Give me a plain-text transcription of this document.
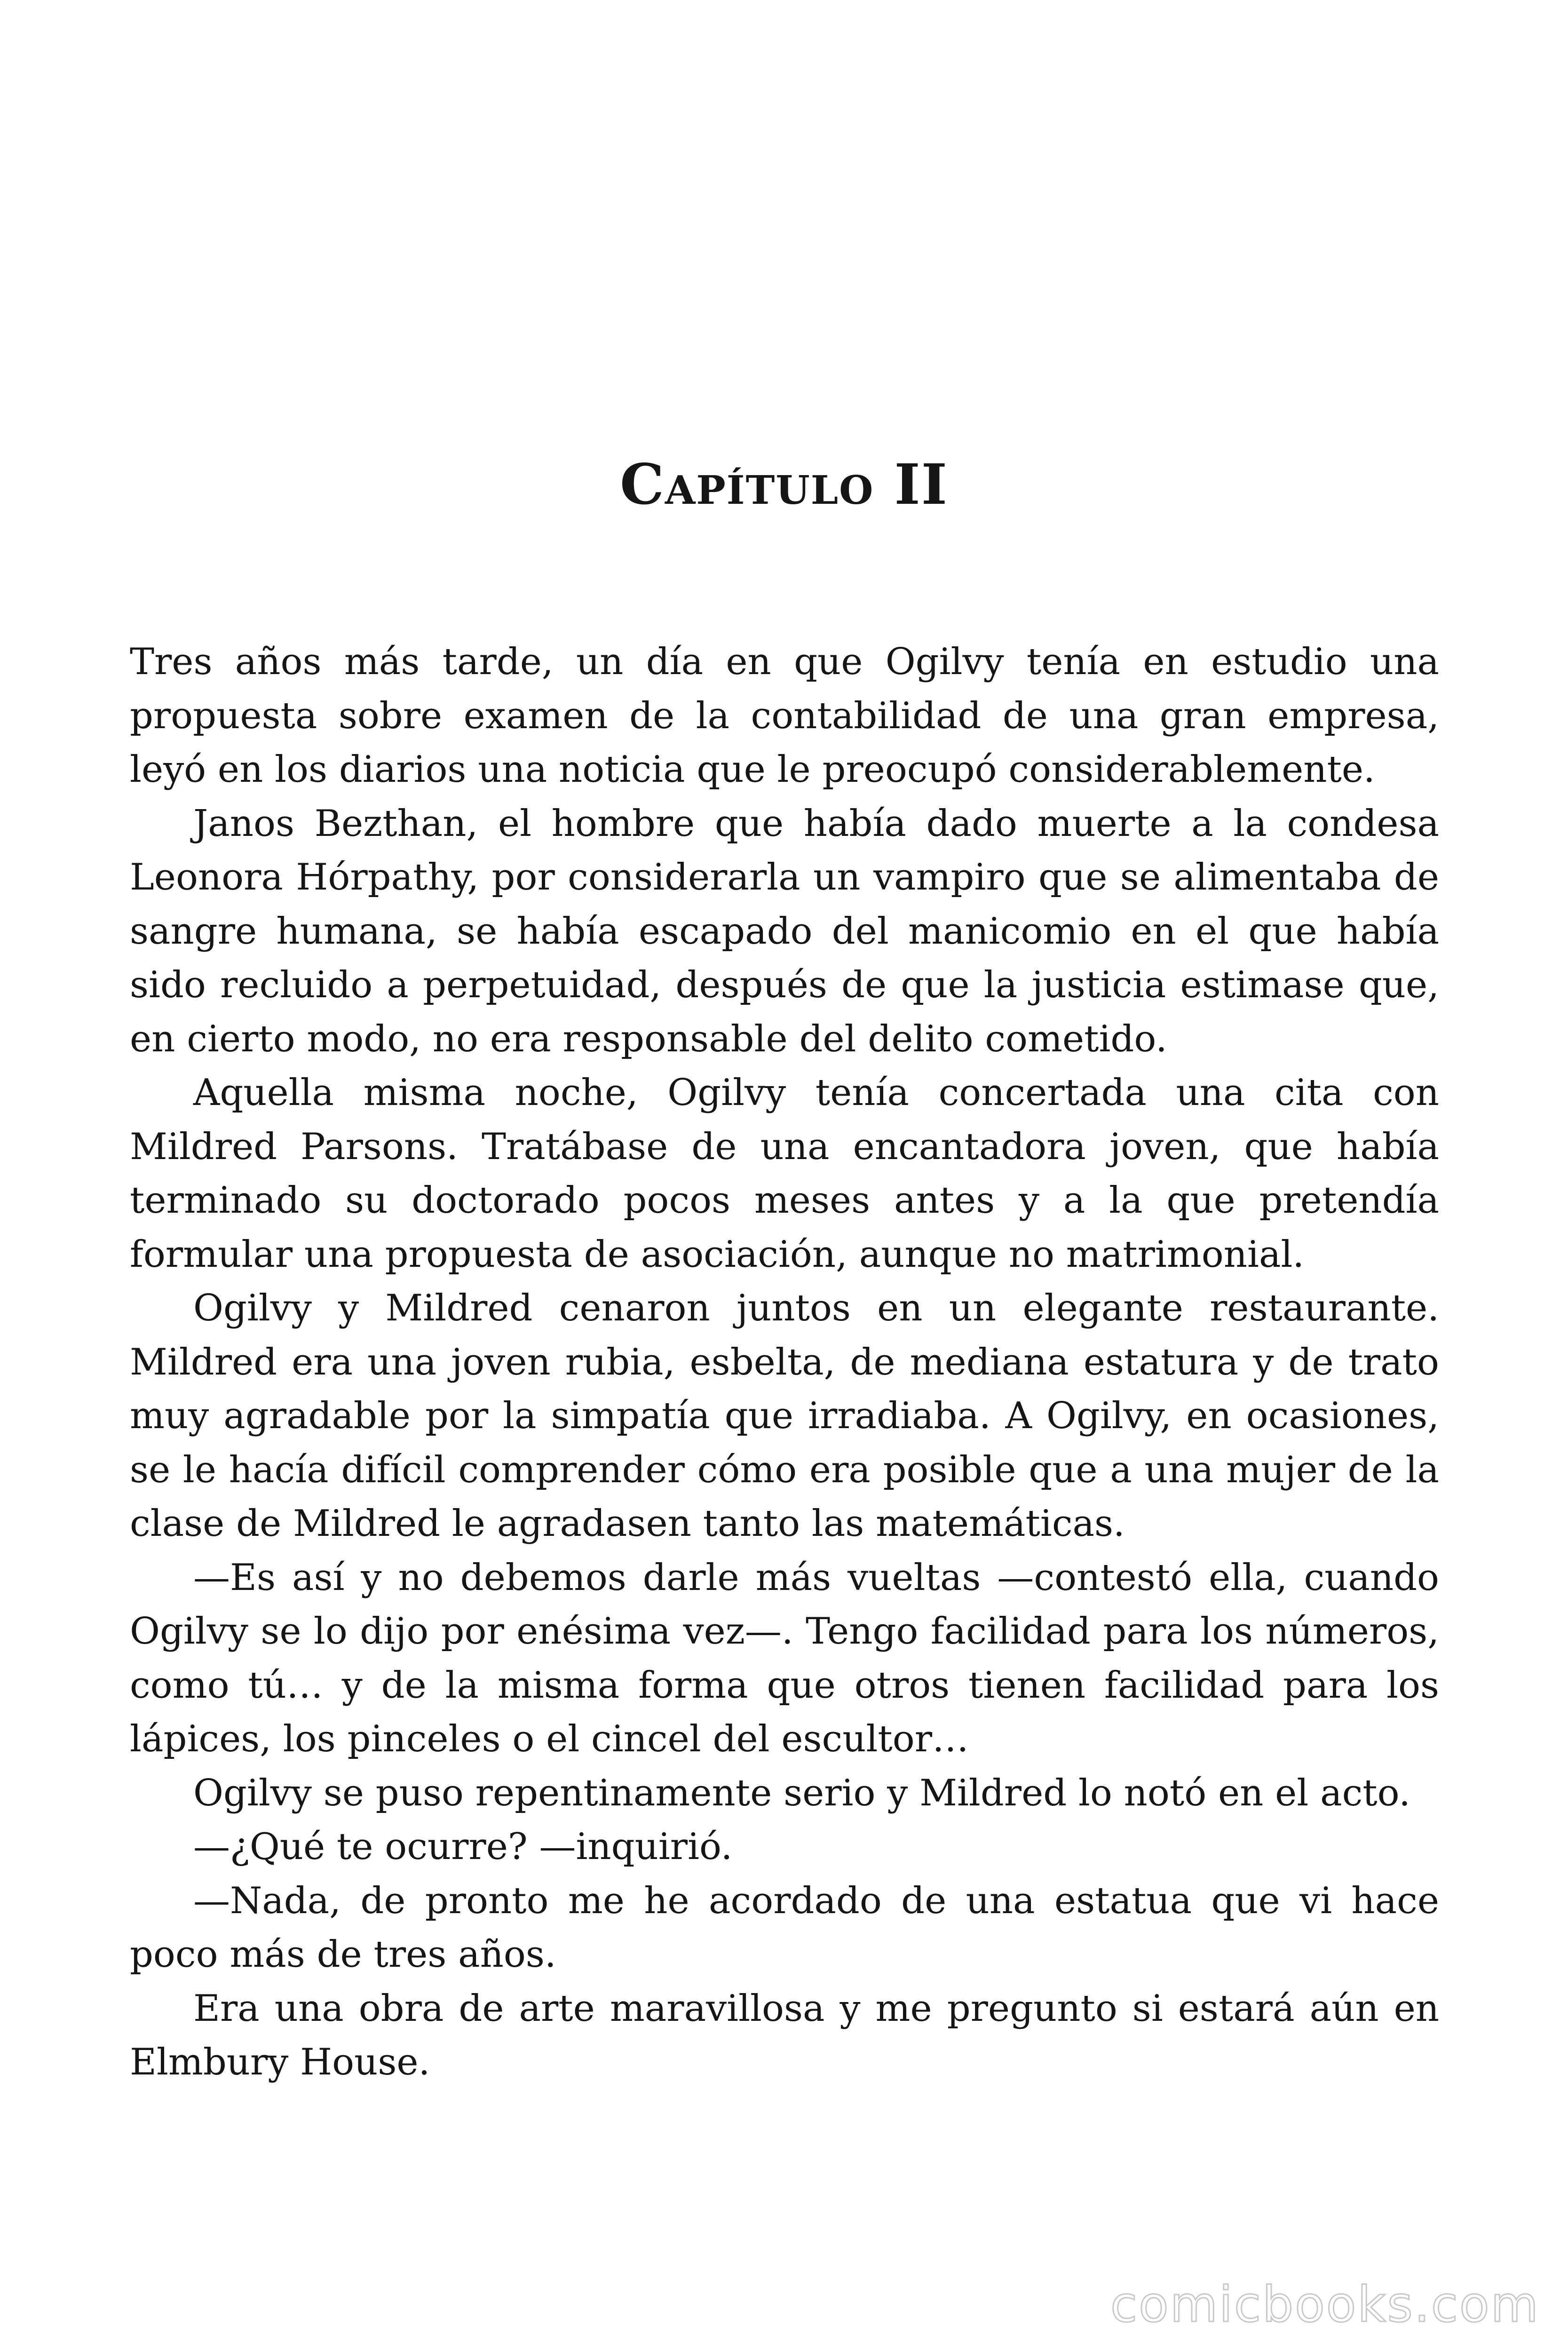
Capítulo II

Tres años más tarde, un día en que Ogilvy tenía en estudio una propuesta sobre examen de la contabilidad de una gran empresa, leyó en los diarios una noticia que le preocupó considerablemente.

Janos Bezthan, el hombre que había dado muerte a la condesa Leonora Hórpathy, por considerarla un vampiro que se alimentaba de sangre humana, se había escapado del manicomio en el que había sido recluido a perpetuidad, después de que la justicia estimase que, en cierto modo, no era responsable del delito cometido.

Aquella misma noche, Ogilvy tenía concertada una cita con Mildred Parsons. Tratábase de una encantadora joven, que había terminado su doctorado pocos meses antes y a la que pretendía formular una propuesta de asociación, aunque no matrimonial.

Ogilvy y Mildred cenaron juntos en un elegante restaurante. Mildred era una joven rubia, esbelta, de mediana estatura y de trato muy agradable por la simpatía que irradiaba. A Ogilvy, en ocasiones, se le hacía difícil comprender cómo era posible que a una mujer de la clase de Mildred le agradasen tanto las matemáticas.

—Es así y no debemos darle más vueltas —contestó ella, cuando Ogilvy se lo dijo por enésima vez—. Tengo facilidad para los números, como tú… y de la misma forma que otros tienen facilidad para los lápices, los pinceles o el cincel del escultor…

Ogilvy se puso repentinamente serio y Mildred lo notó en el acto.

—¿Qué te ocurre? —inquirió.

—Nada, de pronto me he acordado de una estatua que vi hace poco más de tres años.

Era una obra de arte maravillosa y me pregunto si estará aún en Elmbury House.

comicbooks.com
